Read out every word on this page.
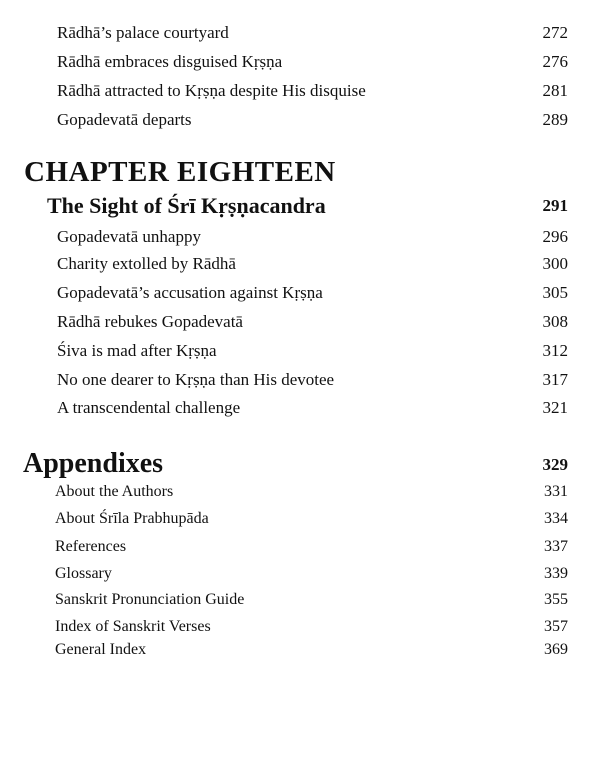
Rādhā’s palace courtyard	272
Rādhā embraces disguised Kṛṣṇa	276
Rādhā attracted to Kṛṣṇa despite His disquise	281
Gopadevatā departs	289
CHAPTER EIGHTEEN
The Sight of Śrī Kṛṣṇacandra	291
Gopadevatā unhappy	296
Charity extolled by Rādhā	300
Gopadevatā’s accusation against Kṛṣṇa	305
Rādhā rebukes Gopadevatā	308
Śiva is mad after Kṛṣṇa	312
No one dearer to Kṛṣṇa than His devotee	317
A transcendental challenge	321
Appendixes	329
About the Authors	331
About Śrīla Prabhupāda	334
References	337
Glossary	339
Sanskrit Pronunciation Guide	355
Index of Sanskrit Verses	357
General Index	369
